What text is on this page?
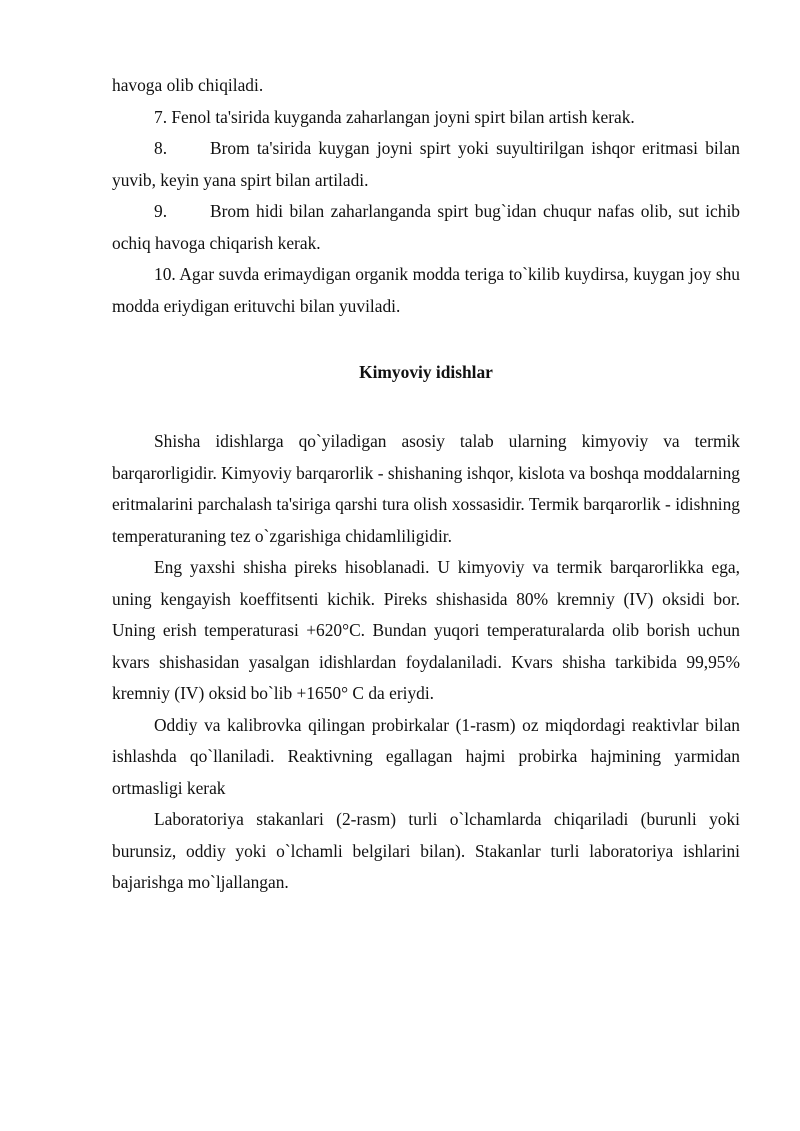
havoga olib chiqiladi.

7. Fenol ta'sirida kuyganda zaharlangan joyni spirt bilan artish kerak.

8. Brom ta'sirida kuygan joyni spirt yoki suyultirilgan ishqor eritmasi bilan yuvib, keyin yana spirt bilan artiladi.

9. Brom hidi bilan zaharlanganda spirt bug`idan chuqur nafas olib, sut ichib ochiq havoga chiqarish kerak.

10. Agar suvda erimaydigan organik modda teriga to`kilib kuydirsa, kuygan joy shu modda eriydigan erituvchi bilan yuviladi.

Kimyoviy idishlar

Shisha idishlarga qo`yiladigan asosiy talab ularning kimyoviy va termik barqarorligidir. Kimyoviy barqarorlik - shishaning ishqor, kislota va boshqa moddalarning eritmalarini parchalash ta'siriga qarshi tura olish xossasidir. Termik barqarorlik - idishning temperaturaning tez o`zgarishiga chidamliligidir.

Eng yaxshi shisha pireks hisoblanadi. U kimyoviy va termik barqarorlikka ega, uning kengayish koeffitsenti kichik. Pireks shishasida 80% kremniy (IV) oksidi bor. Uning erish temperaturasi +620°C. Bundan yuqori temperaturalarda olib borish uchun kvars shishasidan yasalgan idishlardan foydalaniladi. Kvars shisha tarkibida 99,95% kremniy (IV) oksid bo`lib +1650° C da eriydi.

Oddiy va kalibrovka qilingan probirkalar (1-rasm) oz miqdordagi reaktivlar bilan ishlashda qo`llaniladi. Reaktivning egallagan hajmi probirka hajmining yarmidan ortmasligi kerak

Laboratoriya stakanlari (2-rasm) turli o`lchamlarda chiqariladi (burunli yoki burunsiz, oddiy yoki o`lchamli belgilari bilan). Stakanlar turli laboratoriya ishlarini bajarishga mo`ljallangan.
